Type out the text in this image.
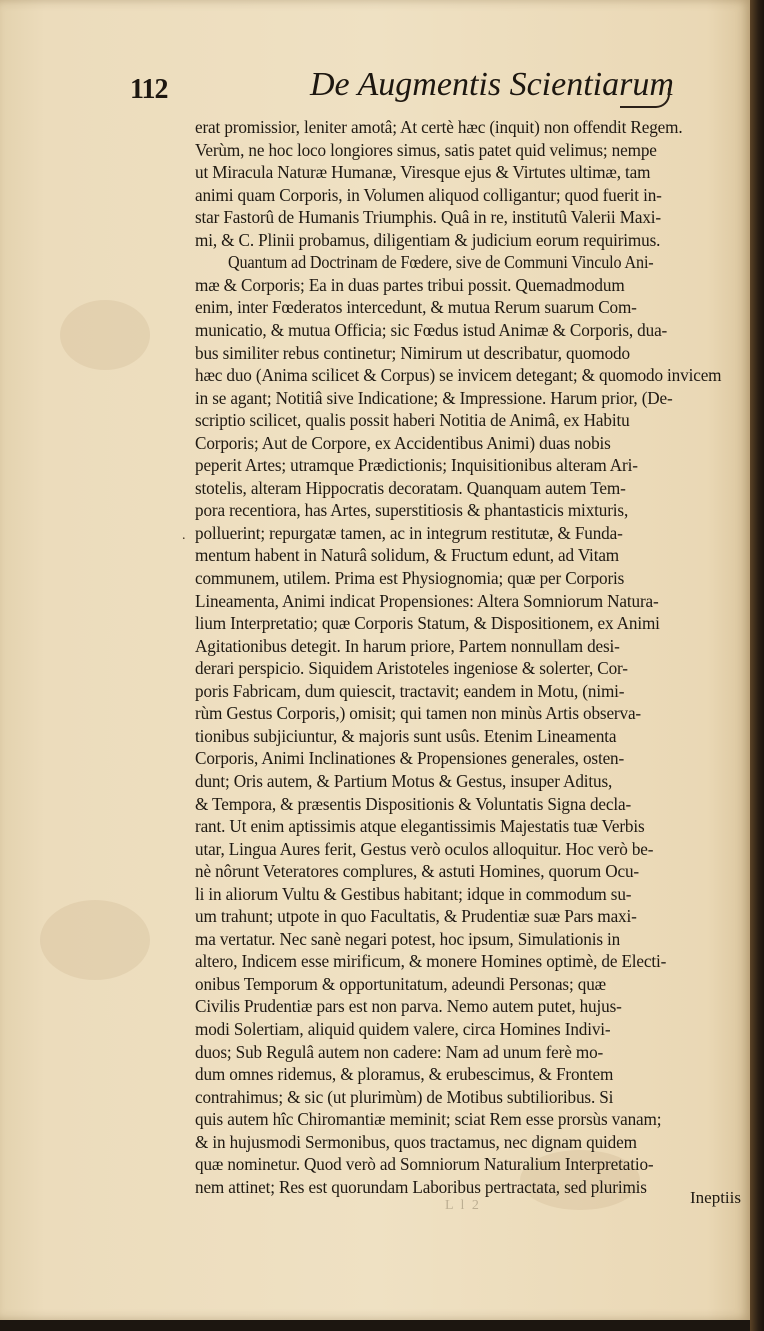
112	De Augmentis Scientiarum
.
erat promissior, leniter amotâ; At certè hæc (inquit) non offendit Regem.
Verùm, ne hoc loco longiores simus, satis patet quid velimus; nempe
ut Miracula Naturæ Humanæ, Viresque ejus & Virtutes ultimæ, tam
animi quam Corporis, in Volumen aliquod colligantur; quod fuerit in-
star Fastorû de Humanis Triumphis. Quâ in re, institutû Valerii Maxi-
mi, & C. Plinii probamus, diligentiam & judicium eorum requirimus.
Quantum ad Doctrinam de Fœdere, sive de Communi Vinculo Ani-
mæ & Corporis; Ea in duas partes tribui possit. Quemadmodum
enim, inter Fœderatos intercedunt, & mutua Rerum suarum Com-
municatio, & mutua Officia; sic Fœdus istud Animæ & Corporis, dua-
bus similiter rebus continetur; Nimirum ut describatur, quomodo
hæc duo (Anima scilicet & Corpus) se invicem detegant; & quomodo invicem
in se agant; Notitiâ sive Indicatione; & Impressione. Harum prior, (De-
scriptio scilicet, qualis possit haberi Notitia de Animâ, ex Habitu
Corporis; Aut de Corpore, ex Accidentibus Animi) duas nobis
peperit Artes; utramque Prædictionis; Inquisitionibus alteram Ari-
stotelis, alteram Hippocratis decoratam. Quanquam autem Tem-
pora recentiora, has Artes, superstitiosis & phantasticis mixturis,
polluerint; repurgatæ tamen, ac in integrum restitutæ, & Funda-
mentum habent in Naturâ solidum, & Fructum edunt, ad Vitam
communem, utilem. Prima est Physiognomia; quæ per Corporis
Lineamenta, Animi indicat Propensiones: Altera Somniorum Natura-
lium Interpretatio; quæ Corporis Statum, & Dispositionem, ex Animi
Agitationibus detegit. In harum priore, Partem nonnullam desi-
derari perspicio. Siquidem Aristoteles ingeniose & solerter, Cor-
poris Fabricam, dum quiescit, tractavit; eandem in Motu, (nimi-
rùm Gestus Corporis,) omisit; qui tamen non minùs Artis observa-
tionibus subjiciuntur, & majoris sunt usûs. Etenim Lineamenta
Corporis, Animi Inclinationes & Propensiones generales, osten-
dunt; Oris autem, & Partium Motus & Gestus, insuper Aditus,
& Tempora, & præsentis Dispositionis & Voluntatis Signa decla-
rant. Ut enim aptissimis atque elegantissimis Majestatis tuæ Verbis
utar, Lingua Aures ferit, Gestus verò oculos alloquitur. Hoc verò be-
nè nôrunt Veteratores complures, & astuti Homines, quorum Ocu-
li in aliorum Vultu & Gestibus habitant; idque in commodum su-
um trahunt; utpote in quo Facultatis, & Prudentiæ suæ Pars maxi-
ma vertatur. Nec sanè negari potest, hoc ipsum, Simulationis in
altero, Indicem esse mirificum, & monere Homines optimè, de Electi-
onibus Temporum & opportunitatum, adeundi Personas; quæ
Civilis Prudentiæ pars est non parva. Nemo autem putet, hujus-
modi Solertiam, aliquid quidem valere, circa Homines Indivi-
duos; Sub Regulâ autem non cadere: Nam ad unum ferè mo-
dum omnes ridemus, & ploramus, & erubescimus, & Frontem
contrahimus; & sic (ut plurimùm) de Motibus subtilioribus. Si
quis autem hîc Chiromantiæ meminit; sciat Rem esse prorsùs vanam;
& in hujusmodi Sermonibus, quos tractamus, nec dignam quidem
quæ nominetur. Quod verò ad Somniorum Naturalium Interpretatio-
nem attinet; Res est quorundam Laboribus pertractata, sed plurimis
L l 2	Ineptiis
